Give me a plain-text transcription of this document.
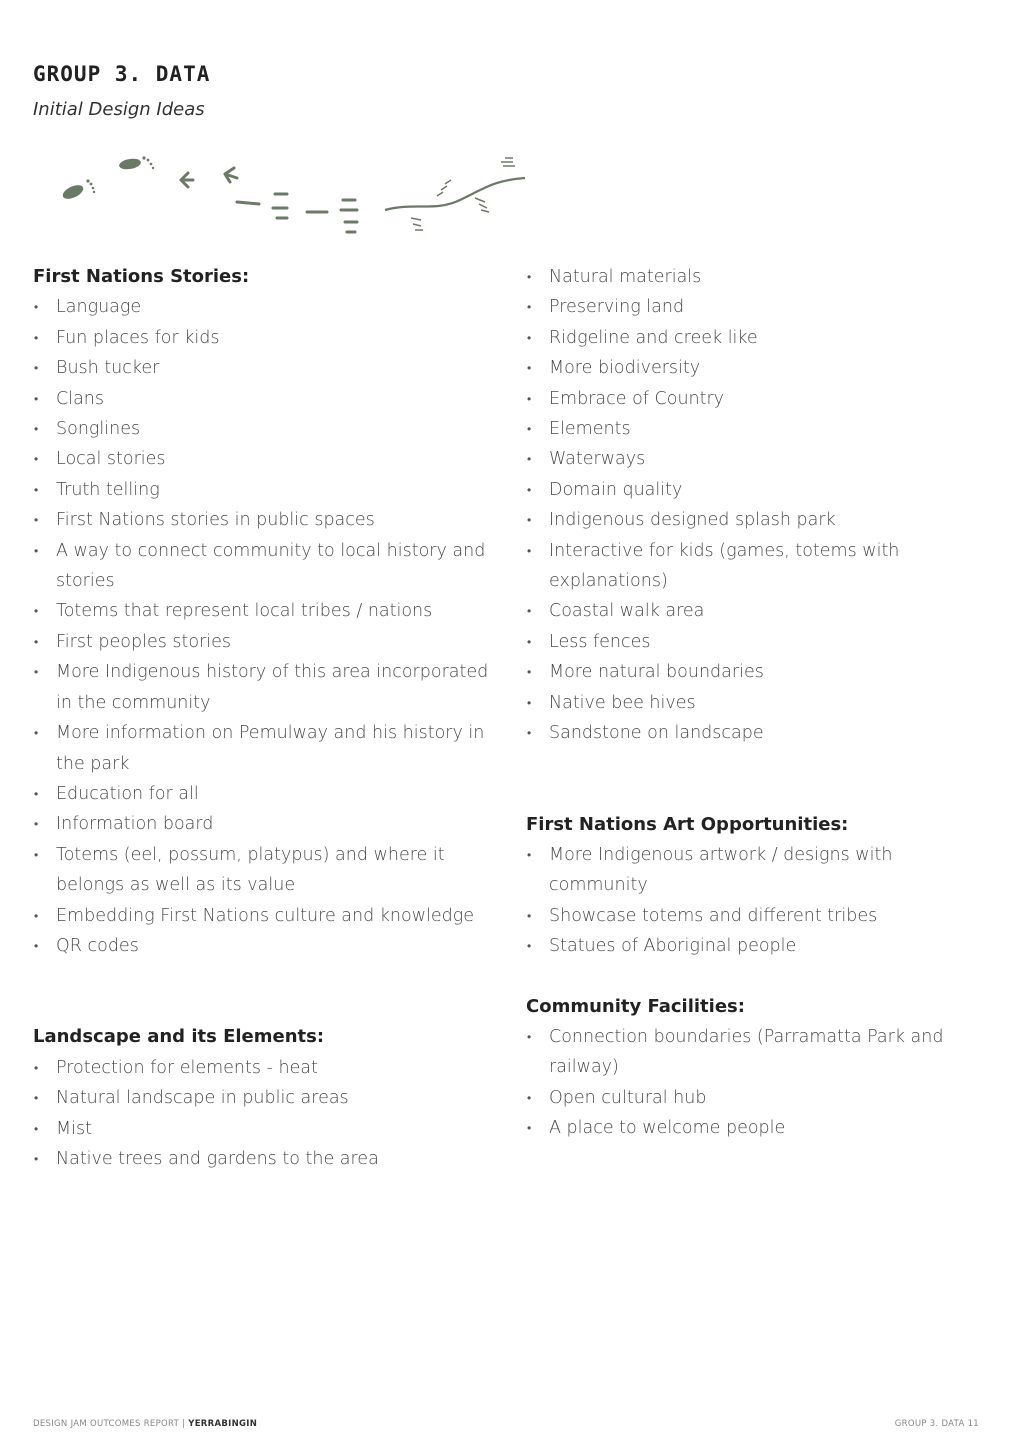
GROUP 3. DATA

Initial Design Ideas

First Nations Stories:
• Language
• Fun places for kids
• Bush tucker
• Clans
• Songlines
• Local stories
• Truth telling
• First Nations stories in public spaces
• A way to connect community to local history and stories
• Totems that represent local tribes / nations
• First peoples stories
• More Indigenous history of this area incorporated in the community
• More information on Pemulway and his history in the park
• Education for all
• Information board
• Totems (eel, possum, platypus) and where it belongs as well as its value
• Embedding First Nations culture and knowledge
• QR codes
Landscape and its Elements:
• Protection for elements - heat
• Natural landscape in public areas
• Mist
• Native trees and gardens to the area
• Natural materials
• Preserving land
• Ridgeline and creek like
• More biodiversity
• Embrace of Country
• Elements
• Waterways
• Domain quality
• Indigenous designed splash park
• Interactive for kids (games, totems with explanations)
• Coastal walk area
• Less fences
• More natural boundaries
• Native bee hives
• Sandstone on landscape
First Nations Art Opportunities:
• More Indigenous artwork / designs with community
• Showcase totems and different tribes
• Statues of Aboriginal people
Community Facilities:
• Connection boundaries (Parramatta Park and railway)
• Open cultural hub
• A place to welcome people
DESIGN JAM OUTCOMES REPORT | YERRABINGIN	GROUP 3. DATA 11
